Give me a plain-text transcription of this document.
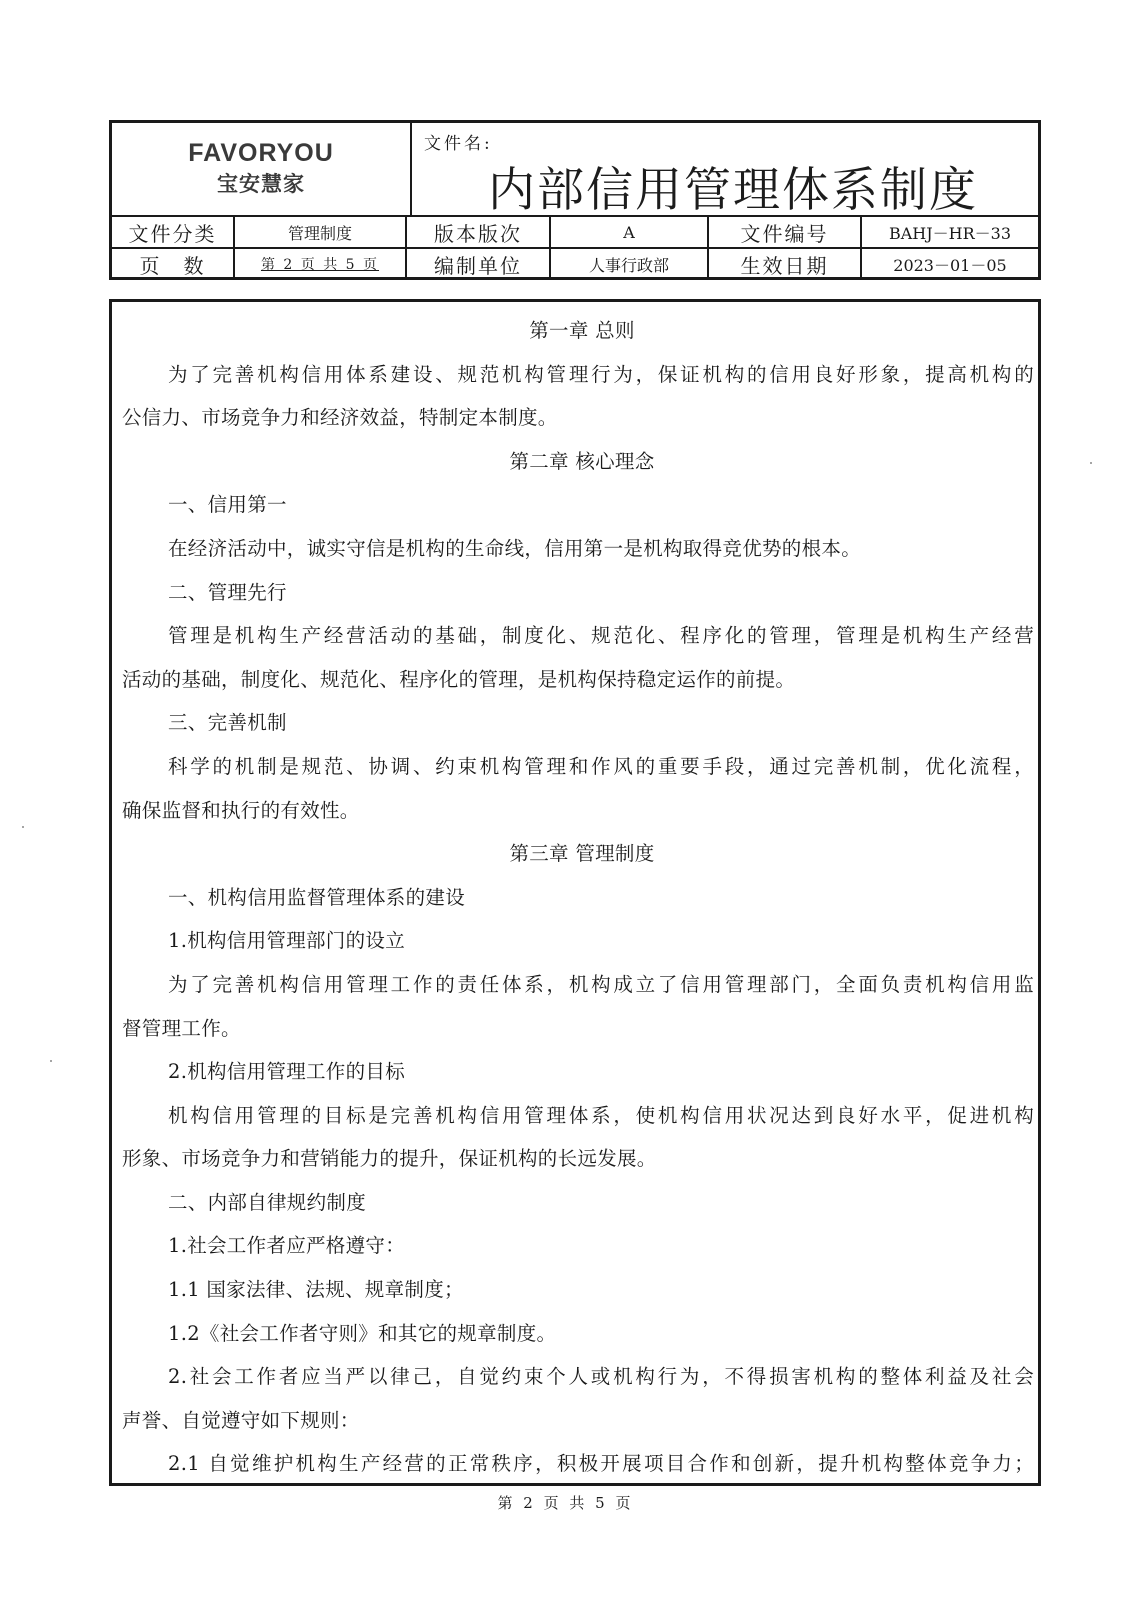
FAVORYOU
宝安慧家
文件名:
内部信用管理体系制度
文件分类	管理制度	版本版次	A	文件编号	BAHJ－HR－33
页　数	第 2 页 共 5 页	编制单位	人事行政部	生效日期	2023－01－05
第一章 总则
为了完善机构信用体系建设、规范机构管理行为，保证机构的信用良好形象，提高机构的
公信力、市场竞争力和经济效益，特制定本制度。
第二章 核心理念
一、信用第一
在经济活动中，诚实守信是机构的生命线，信用第一是机构取得竞优势的根本。
二、管理先行
管理是机构生产经营活动的基础，制度化、规范化、程序化的管理，管理是机构生产经营
活动的基础，制度化、规范化、程序化的管理，是机构保持稳定运作的前提。
三、完善机制
科学的机制是规范、协调、约束机构管理和作风的重要手段，通过完善机制，优化流程，
确保监督和执行的有效性。
第三章 管理制度
一、机构信用监督管理体系的建设
1.机构信用管理部门的设立
为了完善机构信用管理工作的责任体系，机构成立了信用管理部门，全面负责机构信用监
督管理工作。
2.机构信用管理工作的目标
机构信用管理的目标是完善机构信用管理体系，使机构信用状况达到良好水平，促进机构
形象、市场竞争力和营销能力的提升，保证机构的长远发展。
二、内部自律规约制度
1.社会工作者应严格遵守：
1.1 国家法律、法规、规章制度；
1.2《社会工作者守则》和其它的规章制度。
2.社会工作者应当严以律己，自觉约束个人或机构行为，不得损害机构的整体利益及社会
声誉、自觉遵守如下规则：
2.1 自觉维护机构生产经营的正常秩序，积极开展项目合作和创新，提升机构整体竞争力；
第 2 页 共 5 页
